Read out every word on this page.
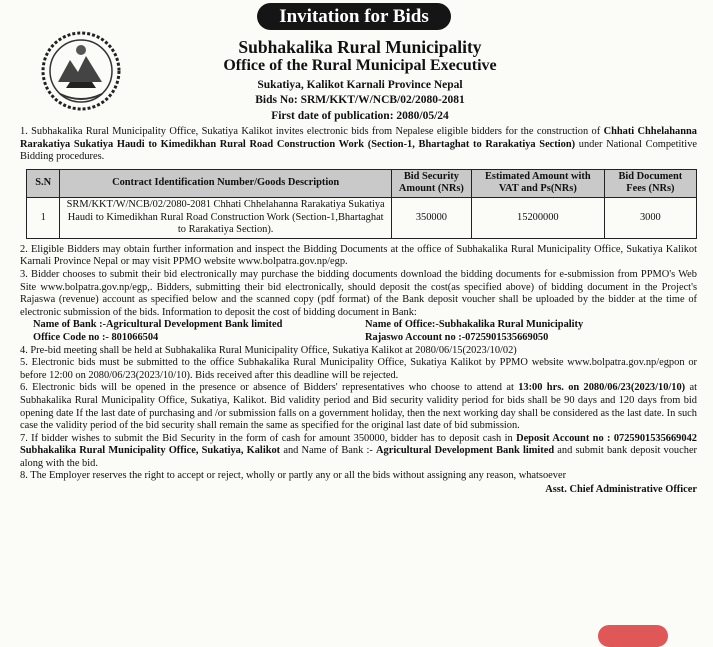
Invitation for Bids
Subhakalika Rural Municipality
Office of the Rural Municipal Executive
Sukatiya, Kalikot Karnali Province Nepal
Bids No: SRM/KKT/W/NCB/02/2080-2081
First date of publication: 2080/05/24

1. Subhakalika Rural Municipality Office, Sukatiya Kalikot invites electronic bids from Nepalese eligible bidders for the construction of Chhati Chhelahanna Rarakatiya Sukatiya Haudi to Kimedikhan Rural Road Construction Work (Section-1, Bhartaghat to Rarakatiya Section) under National Competitive Bidding procedures.

S.N	Contract Identification Number/Goods Description	Bid Security Amount (NRs)	Estimated Amount with VAT and Ps(NRs)	Bid Document Fees (NRs)
1	SRM/KKT/W/NCB/02/2080-2081 Chhati Chhelahanna Rarakatiya Sukatiya Haudi to Kimedikhan Rural Road Construction Work (Section-1,Bhartaghat to Rarakatiya Section).	350000	15200000	3000

2. Eligible Bidders may obtain further information and inspect the Bidding Documents at the office of Subhakalika Rural Municipality Office, Sukatiya Kalikot Karnali Province Nepal or may visit PPMO website www.bolpatra.gov.np/egp.

3. Bidder chooses to submit their bid electronically may purchase the bidding documents download the bidding documents for e-submission from PPMO's Web Site www.bolpatra.gov.np/egp,. Bidders, submitting their bid electronically, should deposit the cost(as specified above) of bidding document in the Project's Rajaswa (revenue) account as specified below and the scanned copy (pdf format) of the Bank deposit voucher shall be uploaded by the bidder at the time of electronic submission of the bids. Information to deposit the cost of bidding document in Bank:

Name of Bank :-Agricultural Development Bank limited	Name of Office:-Subhakalika Rural Municipality
Office Code no :- 801066504	Rajaswo Account no :-0725901535669050

4. Pre-bid meeting shall be held at Subhakalika Rural Municipality Office, Sukatiya Kalikot at 2080/06/15(2023/10/02)

5. Electronic bids must be submitted to the office Subhakalika Rural Municipality Office, Sukatiya Kalikot by PPMO website www.bolpatra.gov.np/egpon or before 12:00 on 2080/06/23(2023/10/10). Bids received after this deadline will be rejected.

6. Electronic bids will be opened in the presence or absence of Bidders' representatives who choose to attend at 13:00 hrs. on 2080/06/23(2023/10/10) at Subhakalika Rural Municipality Office, Sukatiya, Kalikot. Bid validity period and Bid security validity period for bids shall be 90 days and 120 days from bid opening date If the last date of purchasing and /or submission falls on a government holiday, then the next working day shall be considered as the last date. In such case the validity period of the bid security shall remain the same as specified for the original last date of bid submission.

7. If bidder wishes to submit the Bid Security in the form of cash for amount 350000, bidder has to deposit cash in Deposit Account no : 0725901535669042 Subhakalika Rural Municipality Office, Sukatiya, Kalikot and Name of Bank :- Agricultural Development Bank limited and submit bank deposit voucher along with the bid.

8. The Employer reserves the right to accept or reject, wholly or partly any or all the bids without assigning any reason, whatsoever

Asst. Chief Administrative Officer
